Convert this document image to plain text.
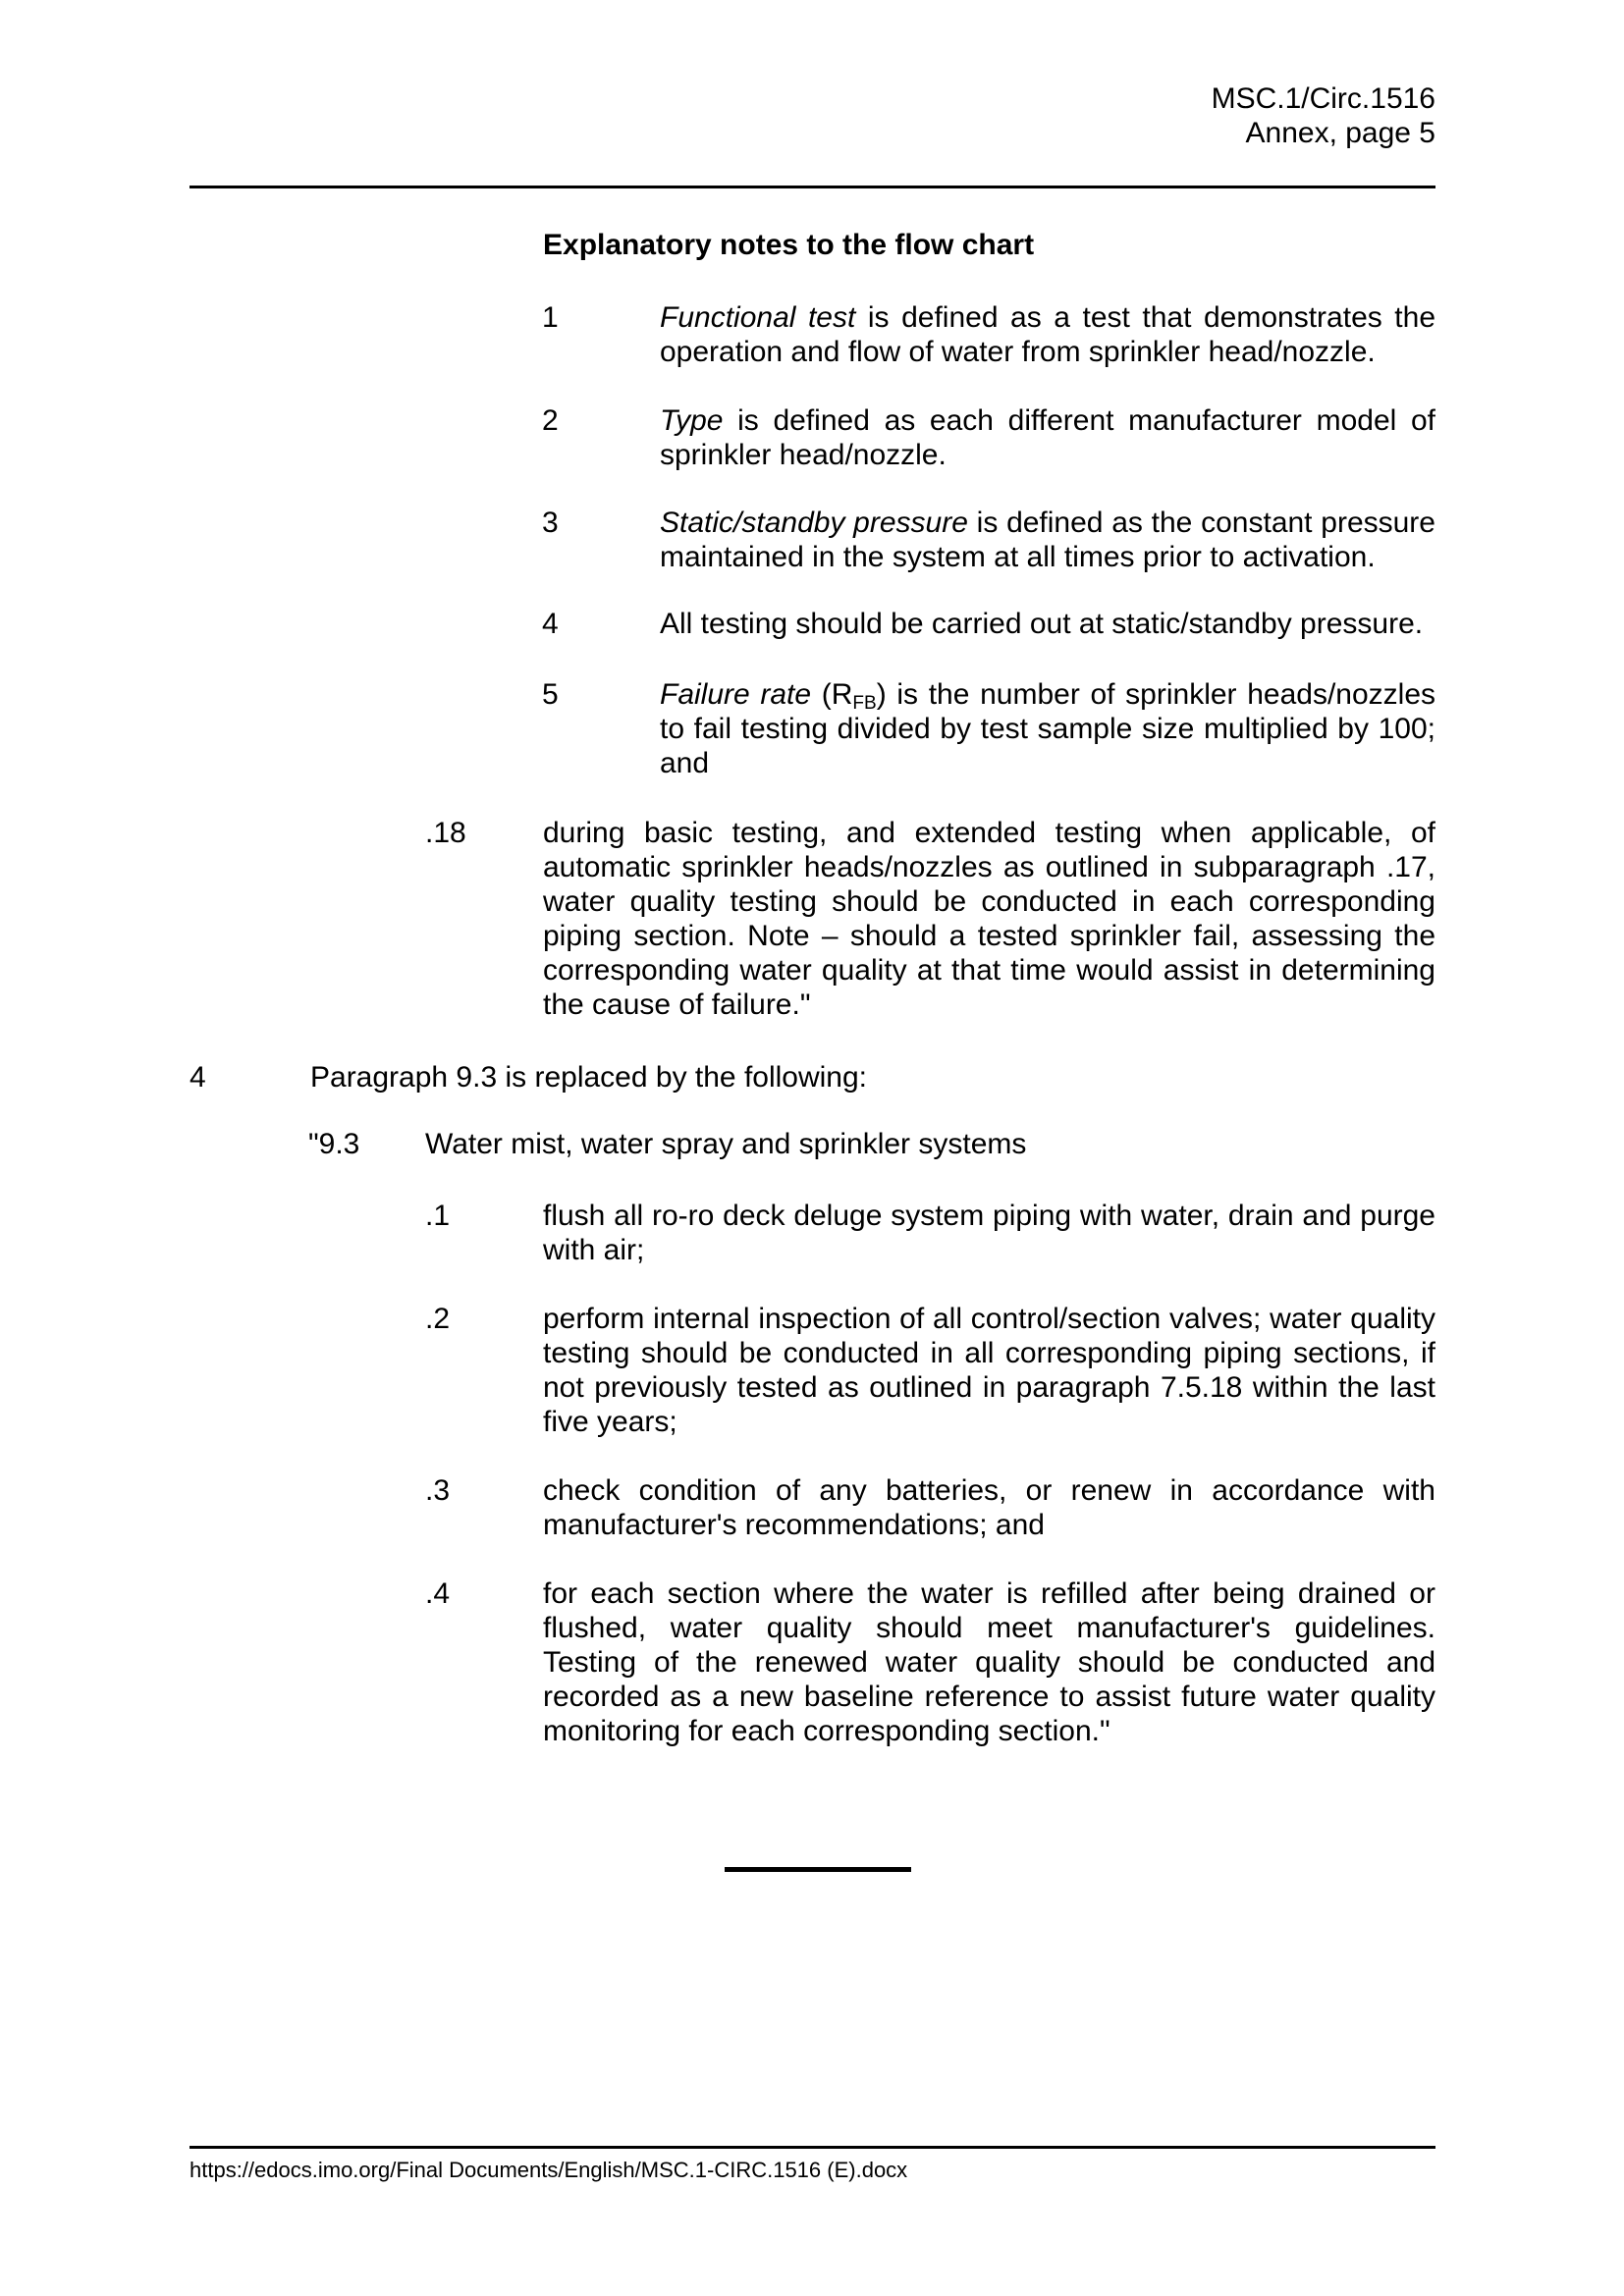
MSC.1/Circ.1516
Annex, page 5
Explanatory notes to the flow chart
1	Functional test is defined as a test that demonstrates the operation and flow of water from sprinkler head/nozzle.
2	Type is defined as each different manufacturer model of sprinkler head/nozzle.
3	Static/standby pressure is defined as the constant pressure maintained in the system at all times prior to activation.
4	All testing should be carried out at static/standby pressure.
5	Failure rate (RFB) is the number of sprinkler heads/nozzles to fail testing divided by test sample size multiplied by 100; and
.18	during basic testing, and extended testing when applicable, of automatic sprinkler heads/nozzles as outlined in subparagraph .17, water quality testing should be conducted in each corresponding piping section. Note – should a tested sprinkler fail, assessing the corresponding water quality at that time would assist in determining the cause of failure."
4	Paragraph 9.3 is replaced by the following:
"9.3	Water mist, water spray and sprinkler systems
.1	flush all ro-ro deck deluge system piping with water, drain and purge with air;
.2	perform internal inspection of all control/section valves; water quality testing should be conducted in all corresponding piping sections, if not previously tested as outlined in paragraph 7.5.18 within the last five years;
.3	check condition of any batteries, or renew in accordance with manufacturer's recommendations; and
.4	for each section where the water is refilled after being drained or flushed, water quality should meet manufacturer's guidelines. Testing of the renewed water quality should be conducted and recorded as a new baseline reference to assist future water quality monitoring for each corresponding section."
https://edocs.imo.org/Final Documents/English/MSC.1-CIRC.1516 (E).docx
